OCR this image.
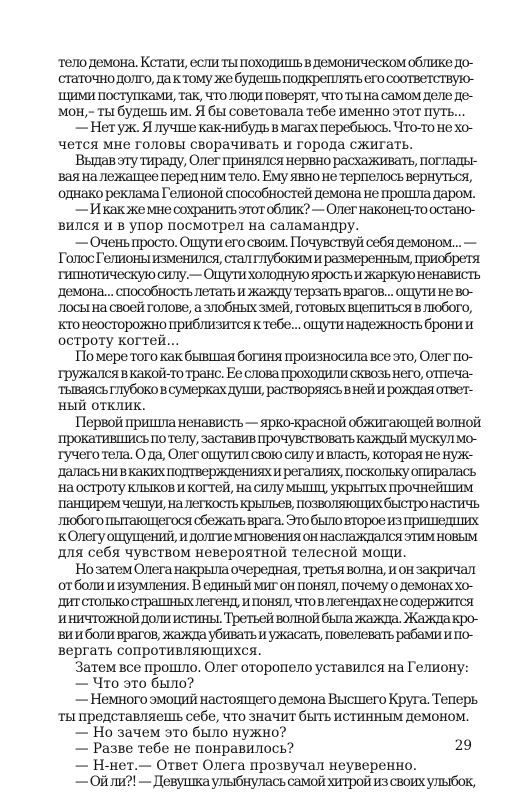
тело демона. Кстати, если ты походишь в демоническом облике до-
статочно долго, да к тому же будешь подкреплять его соответствую-
щими поступками, так, что люди поверят, что ты на самом деле де-
мон,– ты будешь им. Я бы советовала тебе именно этот путь...
— Нет уж. Я лучше как-нибудь в магах перебьюсь. Что-то не хо-
чется мне головы сворачивать и города сжигать.
Выдав эту тираду, Олег принялся нервно расхаживать, поглады-
вая на лежащее перед ним тело. Ему явно не терпелось вернуться,
однако реклама Гелионой способностей демона не прошла даром.
— И как же мне сохранить этот облик? — Олег наконец-то остано-
вился и в упор посмотрел на саламандру.
— Очень просто. Ощути его своим. Почувствуй себя демоном... —
Голос Гелионы изменился, стал глубоким и размеренным, приобретя
гипнотическую силу.— Ощути холодную ярость и жаркую ненависть
демона... способность летать и жажду терзать врагов... ощути не во-
лосы на своей голове, а злобных змей, готовых вцепиться в любого,
кто неосторожно приблизится к тебе... ощути надежность брони и
остроту когтей...
По мере того как бывшая богиня произносила все это, Олег по-
гружался в какой-то транс. Ее слова проходили сквозь него, отпеча-
тываясь глубоко в сумерках души, растворяясь в ней и рождая ответ-
ный отклик.
Первой пришла ненависть — ярко-красной обжигающей волной
прокатившись по телу, заставив прочувствовать каждый мускул мо-
гучего тела. О да, Олег ощутил свою силу и власть, которая не нуж-
далась ни в каких подтверждениях и регалиях, поскольку опиралась
на остроту клыков и когтей, на силу мышц, укрытых прочнейшим
панцирем чешуи, на легкость крыльев, позволяющих быстро настичь
любого пытающегося сбежать врага. Это было второе из пришедших
к Олегу ощущений, и долгие мгновения он наслаждался этим новым
для себя чувством невероятной телесной мощи.
Но затем Олега накрыла очередная, третья волна, и он закричал
от боли и изумления. В единый миг он понял, почему о демонах хо-
дит столько страшных легенд, и понял, что в легендах не содержится
и ничтожной доли истины. Третьей волной была жажда. Жажда кро-
ви и боли врагов, жажда убивать и ужасать, повелевать рабами и по-
вергать сопротивляющихся.
Затем все прошло. Олег оторопело уставился на Гелиону:
— Что это было?
— Немного эмоций настоящего демона Высшего Круга. Теперь
ты представляешь себе, что значит быть истинным демоном.
— Но зачем это было нужно?
— Разве тебе не понравилось?
— Н-нет.— Ответ Олега прозвучал неуверенно.
— Ой ли?! — Девушка улыбнулась самой хитрой из своих улыбок,
29
